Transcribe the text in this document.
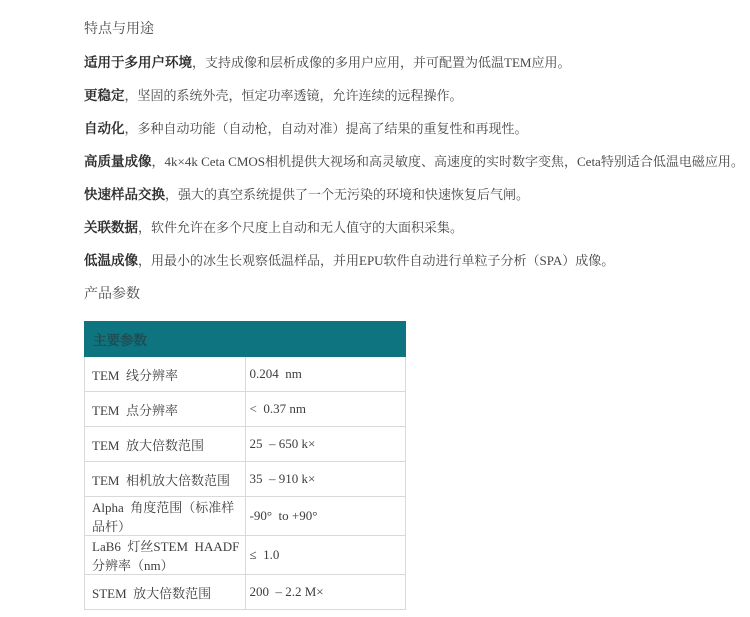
特点与用途

适用于多用户环境，支持成像和层析成像的多用户应用，并可配置为低温TEM应用。

更稳定，坚固的系统外壳，恒定功率透镜，允许连续的远程操作。

自动化，多种自动功能（自动枪，自动对准）提高了结果的重复性和再现性。

高质量成像，4k×4k Ceta CMOS相机提供大视场和高灵敏度、高速度的实时数字变焦，Ceta特别适合低温电磁应用。

快速样品交换，强大的真空系统提供了一个无污染的环境和快速恢复后气闸。

关联数据，软件允许在多个尺度上自动和无人值守的大面积采集。

低温成像，用最小的冰生长观察低温样品，并用EPU软件自动进行单粒子分析（SPA）成像。

产品参数
主要参数	
TEM  线分辨率	0.204  nm
TEM  点分辨率	<  0.37 nm
TEM  放大倍数范围	25  – 650 k×
TEM  相机放大倍数范围	35  – 910 k×
Alpha  角度范围（标准样品杆）	-90°  to +90°
LaB6  灯丝STEM  HAADF 分辨率（nm）	≤  1.0
STEM  放大倍数范围	200  – 2.2 M×
